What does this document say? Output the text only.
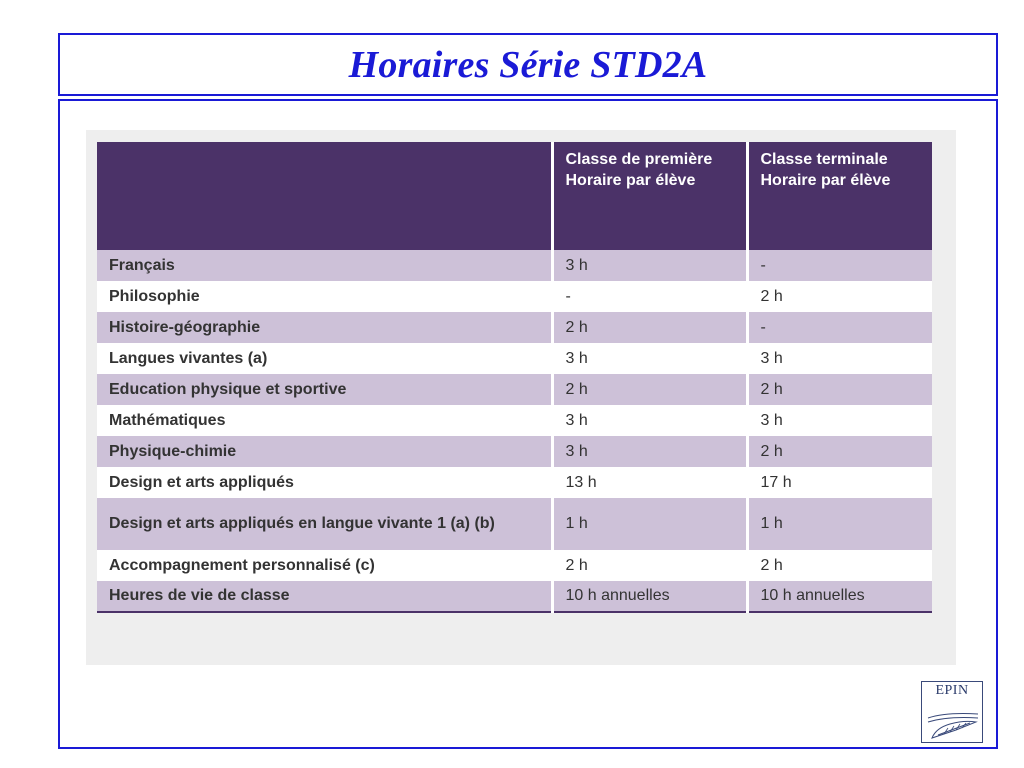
Horaires Série STD2A
	Classe de première Horaire par élève	Classe terminale Horaire par élève
Français	3 h	-
Philosophie	-	2 h
Histoire-géographie	2 h	-
Langues vivantes (a)	3 h	3 h
Education physique et sportive	2 h	2 h
Mathématiques	3 h	3 h
Physique-chimie	3 h	2 h
Design et arts appliqués	13 h	17 h
Design et arts appliqués en langue vivante 1 (a) (b)	1 h	1 h
Accompagnement personnalisé (c)	2 h	2 h
Heures de vie de classe	10 h annuelles	10 h annuelles
EPIN
